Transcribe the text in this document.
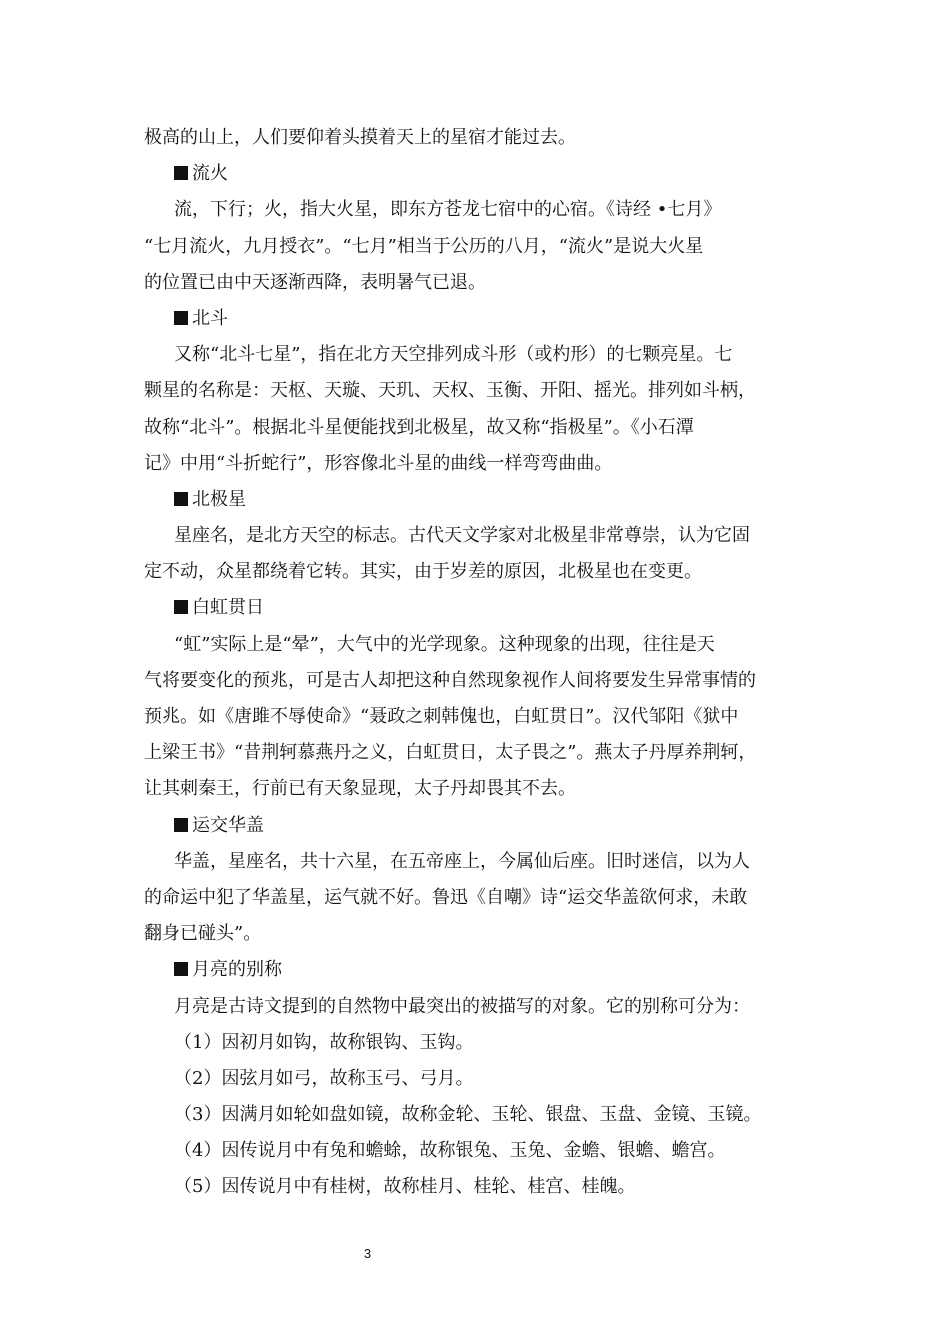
极高的山上，人们要仰着头摸着天上的星宿才能过去。
流火
流，下行；火，指大火星，即东方苍龙七宿中的心宿。《诗经 •七月》
“七月流火，九月授衣”。“七月”相当于公历的八月，“流火”是说大火星
的位置已由中天逐渐西降，表明暑气已退。
北斗
又称“北斗七星”，指在北方天空排列成斗形（或杓形）的七颗亮星。七
颗星的名称是：天枢、天璇、天玑、天权、玉衡、开阳、摇光。排列如斗柄，
故称“北斗”。根据北斗星便能找到北极星，故又称“指极星”。《小石潭
记》中用“斗折蛇行”，形容像北斗星的曲线一样弯弯曲曲。
北极星
星座名，是北方天空的标志。古代天文学家对北极星非常尊崇，认为它固
定不动，众星都绕着它转。其实，由于岁差的原因，北极星也在变更。
白虹贯日
“虹”实际上是“晕”，大气中的光学现象。这种现象的出现，往往是天
气将要变化的预兆，可是古人却把这种自然现象视作人间将要发生异常事情的
预兆。如《唐雎不辱使命》“聂政之刺韩傀也，白虹贯日”。汉代邹阳《狱中
上梁王书》“昔荆轲慕燕丹之义，白虹贯日，太子畏之”。燕太子丹厚养荆轲，
让其刺秦王，行前已有天象显现，太子丹却畏其不去。
运交华盖
华盖，星座名，共十六星，在五帝座上，今属仙后座。旧时迷信，以为人
的命运中犯了华盖星，运气就不好。鲁迅《自嘲》诗“运交华盖欲何求，未敢
翻身已碰头”。
月亮的别称
月亮是古诗文提到的自然物中最突出的被描写的对象。它的别称可分为：
（1）因初月如钩，故称银钩、玉钩。
（2）因弦月如弓，故称玉弓、弓月。
（3）因满月如轮如盘如镜，故称金轮、玉轮、银盘、玉盘、金镜、玉镜。
（4）因传说月中有兔和蟾蜍，故称银兔、玉兔、金蟾、银蟾、蟾宫。
（5）因传说月中有桂树，故称桂月、桂轮、桂宫、桂魄。
3
